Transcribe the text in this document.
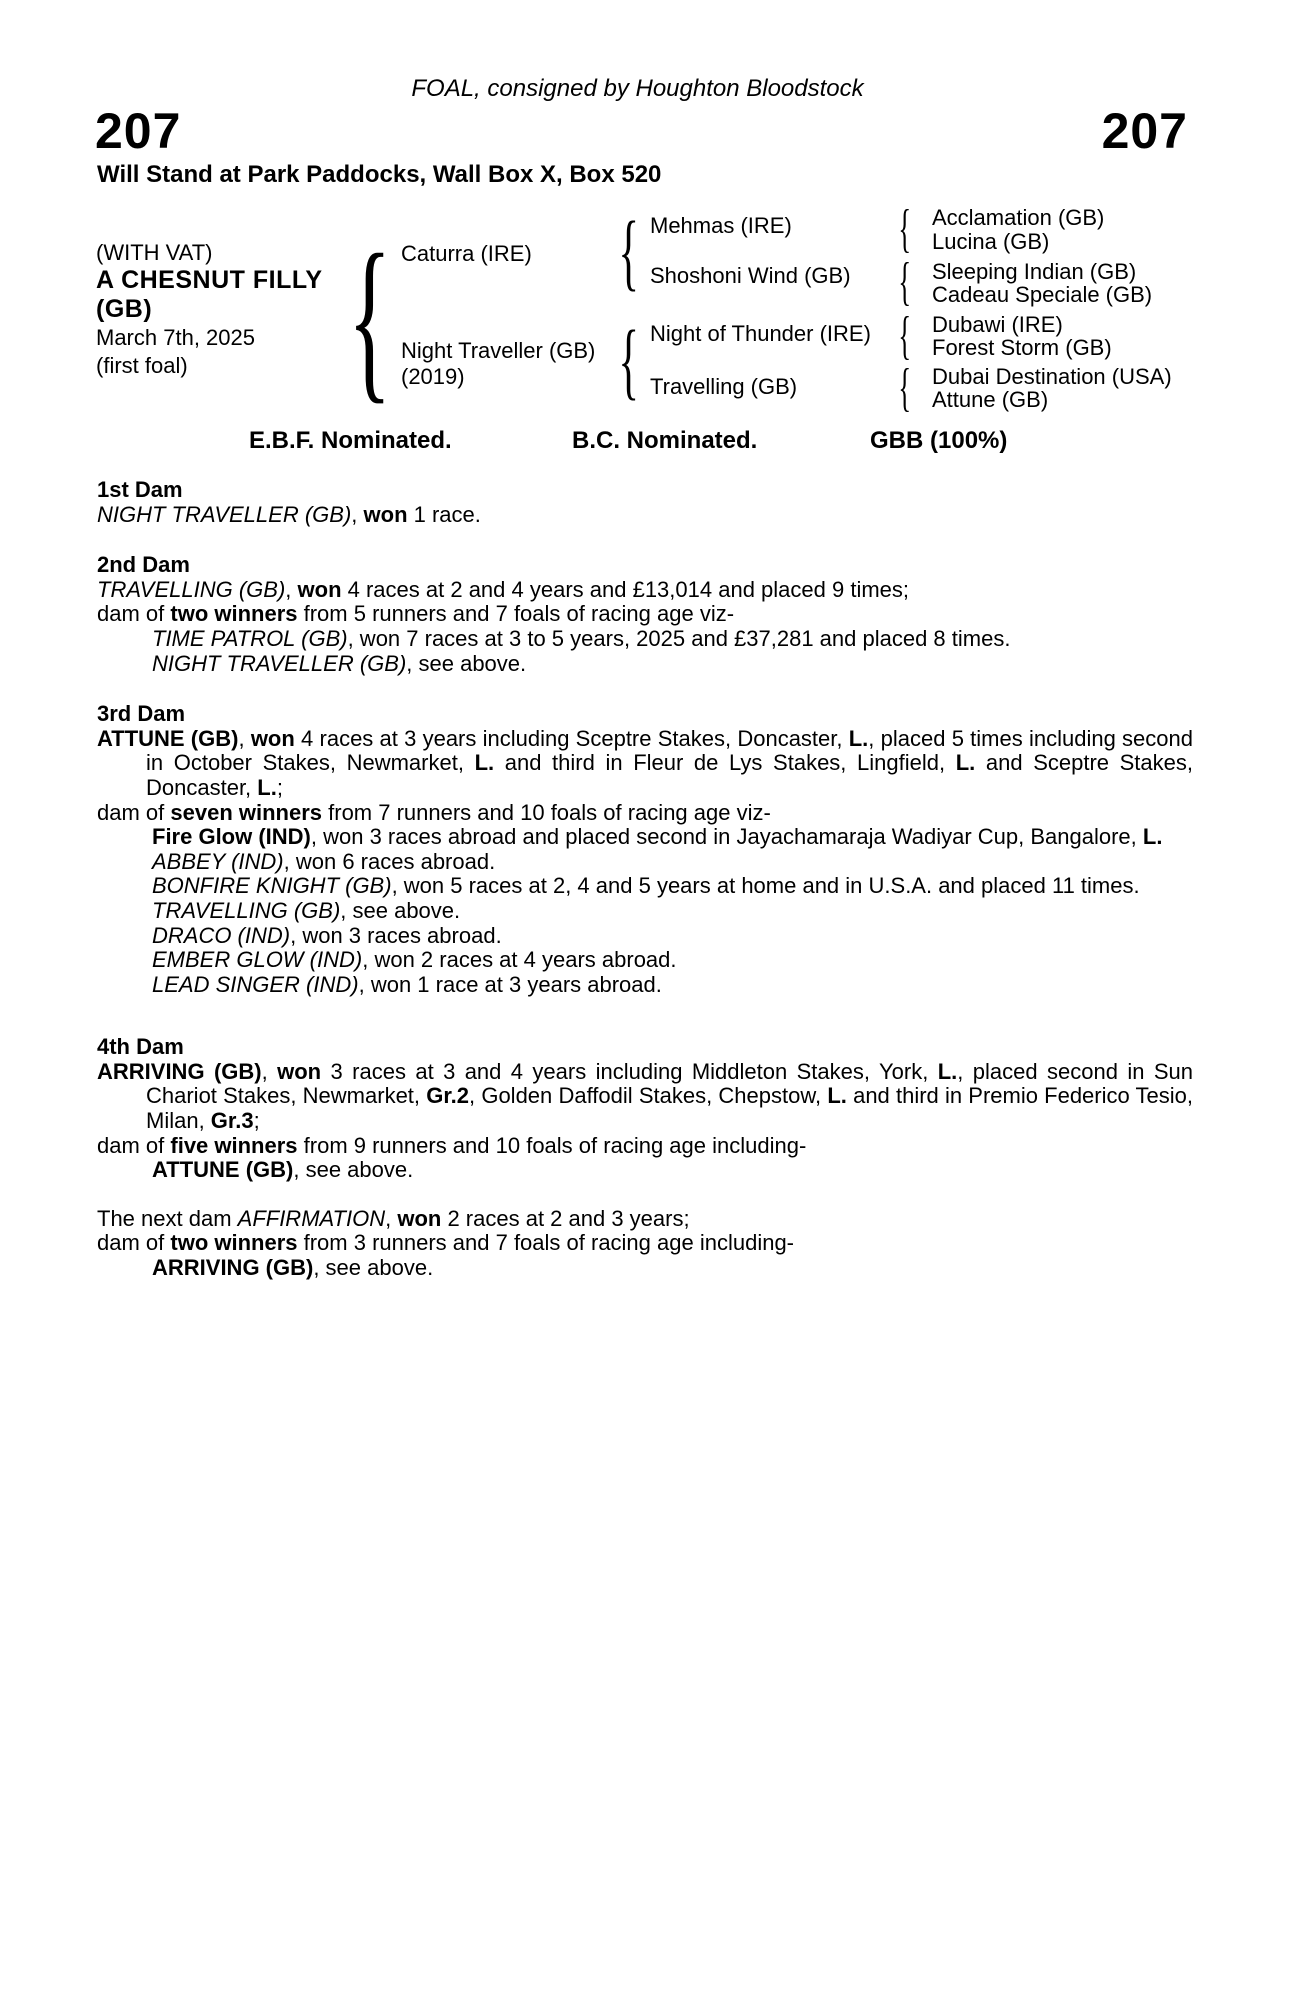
FOAL, consigned by Houghton Bloodstock
207	207
Will Stand at Park Paddocks, Wall Box X, Box 520
(WITH VAT)
A CHESNUT FILLY
(GB)
March 7th, 2025
(first foal)
{
{
{
{
{
{
{
Caturra (IRE)
Night Traveller (GB)
(2019)
Mehmas (IRE)
Shoshoni Wind (GB)
Night of Thunder (IRE)
Travelling (GB)
Acclamation (GB)
Lucina (GB)
Sleeping Indian (GB)
Cadeau Speciale (GB)
Dubawi (IRE)
Forest Storm (GB)
Dubai Destination (USA)
Attune (GB)
E.B.F. Nominated.	B.C. Nominated.	GBB (100%)
1st Dam
NIGHT TRAVELLER (GB), won 1 race.
2nd Dam
TRAVELLING (GB), won 4 races at 2 and 4 years and £13,014 and placed 9 times;
dam of two winners from 5 runners and 7 foals of racing age viz-
TIME PATROL (GB), won 7 races at 3 to 5 years, 2025 and £37,281 and placed 8 times.
NIGHT TRAVELLER (GB), see above.
3rd Dam
ATTUNE (GB), won 4 races at 3 years including Sceptre Stakes, Doncaster, L., placed 5 times including second in October Stakes, Newmarket, L. and third in Fleur de Lys Stakes, Lingfield, L. and Sceptre Stakes, Doncaster, L.;
dam of seven winners from 7 runners and 10 foals of racing age viz-
Fire Glow (IND), won 3 races abroad and placed second in Jayachamaraja Wadiyar Cup, Bangalore, L.
ABBEY (IND), won 6 races abroad.
BONFIRE KNIGHT (GB), won 5 races at 2, 4 and 5 years at home and in U.S.A. and placed 11 times.
TRAVELLING (GB), see above.
DRACO (IND), won 3 races abroad.
EMBER GLOW (IND), won 2 races at 4 years abroad.
LEAD SINGER (IND), won 1 race at 3 years abroad.
4th Dam
ARRIVING (GB), won 3 races at 3 and 4 years including Middleton Stakes, York, L., placed second in Sun Chariot Stakes, Newmarket, Gr.2, Golden Daffodil Stakes, Chepstow, L. and third in Premio Federico Tesio, Milan, Gr.3;
dam of five winners from 9 runners and 10 foals of racing age including-
ATTUNE (GB), see above.
The next dam AFFIRMATION, won 2 races at 2 and 3 years;
dam of two winners from 3 runners and 7 foals of racing age including-
ARRIVING (GB), see above.
